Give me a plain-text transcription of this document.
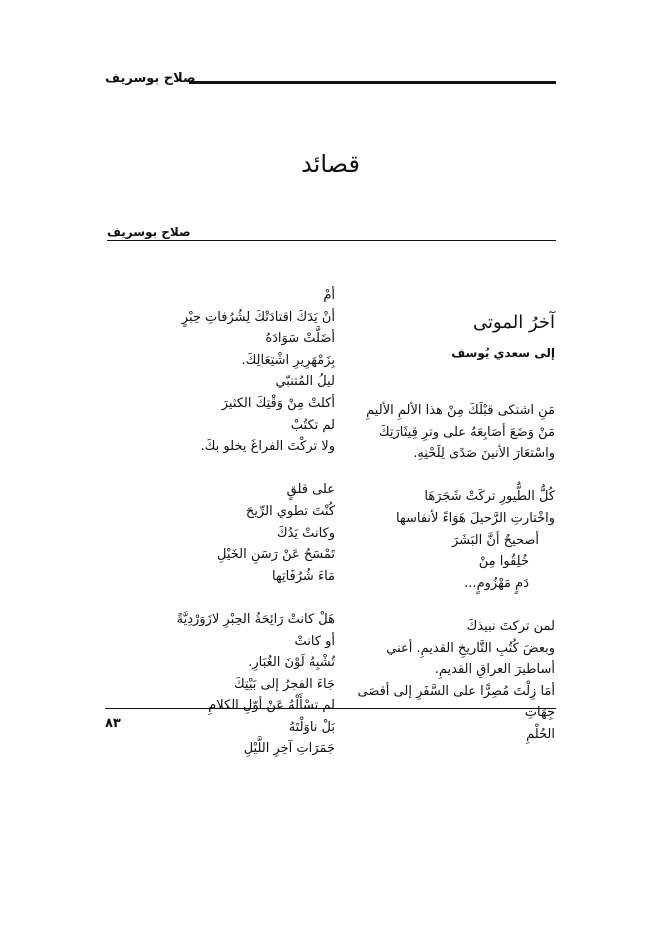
صلاح بوسريف
قصائد
صلاح بوسريف
آخرُ الموتى
إلى سعدي يُوسف
أمْ
أنْ يَدَكَ اقتادَتْكَ لِشُرُفاتِ حِبْرٍ
أضَلَّتْ سَوَادَهُ
بِزَمْهَرِيرِ اشْتِعَالِكَ.
ليلُ المُتنبّي
أكلتْ مِنْ وَقْتِكَ الكثيرَ
لم تكتُبْ
ولا تركْتَ الفراغَ يخلو بكَ.
على قلقٍ
كُنْتَ تطوي الرِّيحَ
وكانتْ يَدُكَ
تَمْسَحُ عَنْ رَسَنِ الخَيْلِ
مَاءَ شُرُفَاتِها
هَلْ كانتْ رَائِحَةُ الحِبْرِ لازَوَرْدِيَّةً
أو كانتْ
تُشْبِهُ لَوْنَ الغُبَارِ.
جَاءَ الفجرُ إلى بَيْتِكَ
لم تسْأَلْهُ عَنْ أوّلِ الكلامِ
بَلْ ناوَلْتَهُ
جَمَرَاتِ آخِرِ اللَّيْلِ
مَنِ اشتكى قبْلَكَ مِنْ هذا الألمِ الأليمِ
مَنْ وَضَعَ أصَابِعَهُ على وترِ قِيثَارَتِكَ
واسْتعَارَ الأنينَ صَدًى لِلَحْنِهِ.
كُلُّ الطُّيورِ تركَتْ شَجَرَهَا
واخْتارتِ الرَّحيلَ هَوَاءً لأنفاسها
أصحيحٌ أنَّ البَشَرَ
خُلِقُوا مِنْ
دَمٍ مَهْزُومٍ...
لمن تركتَ نبيذكَ
وبعضَ كُتُبِ التَّاريخِ القديمِ. أعني
أساطيرَ العراقِ القديمِ.
أمَا زِلْتَ مُصِرًّا على السَّفَرِ إلى أقصَى
جِهَاتِ
الحُلْمِ
٨٣
